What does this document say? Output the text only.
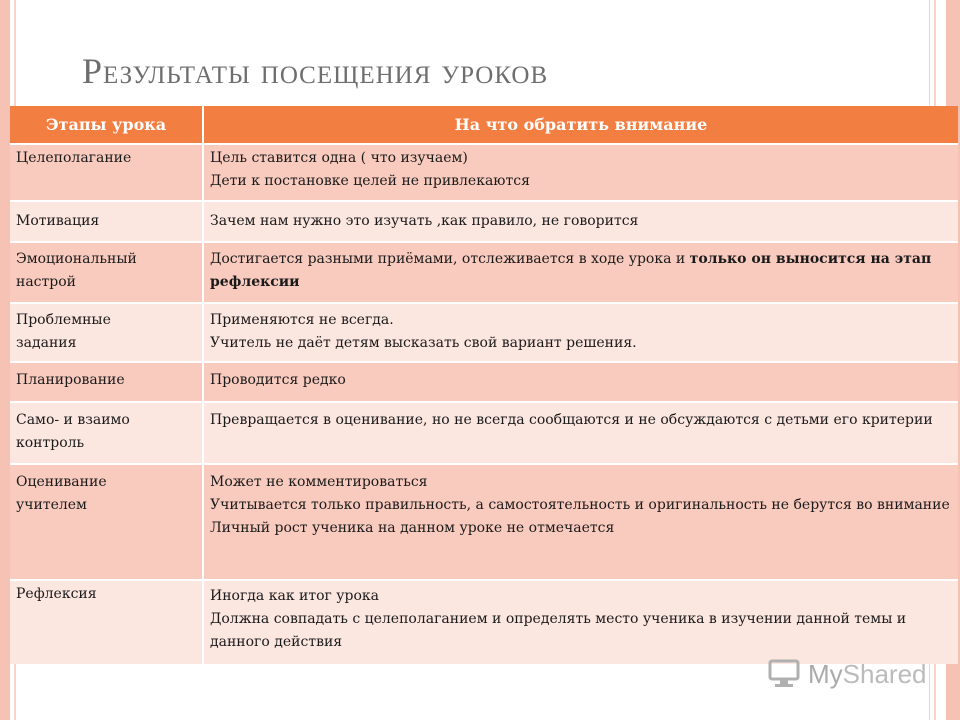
Результаты посещения уроков
Этапы урока	На что обратить внимание
Целеполагание	Цель ставится одна ( что изучаем)
Дети к постановке целей не привлекаются

Мотивация	Зачем нам нужно это изучать ,как правило, не говорится

Эмоциональный
настрой	Достигается разными приёмами, отслеживается в ходе урока и только он выносится на этап рефлексии
Проблемные
задания	Применяются не всегда.
Учитель не даёт детям высказать свой вариант решения.

Планирование	Проводится редко

Само- и взаимо
контроль	Превращается в оценивание, но не всегда сообщаются и не обсуждаются с детьми его критерии

Оценивание
учителем	Может не комментироваться
Учитывается только правильность, а самостоятельность и оригинальность не берутся во внимание
Личный рост ученика на данном уроке не отмечается

Рефлексия	Иногда как итог урока
Должна совпадать с целеполаганием и определять место ученика в изучении данной темы и данного действия
MyShared
